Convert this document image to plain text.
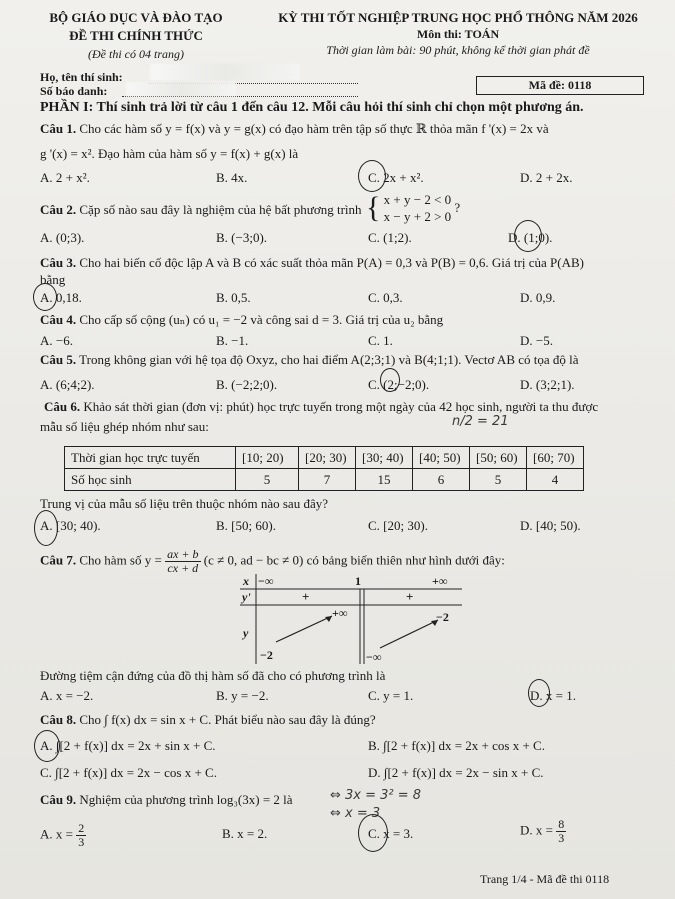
BỘ GIÁO DỤC VÀ ĐÀO TẠO
ĐỀ THI CHÍNH THỨC
(Đề thi có 04 trang)
KỲ THI TỐT NGHIỆP TRUNG HỌC PHỔ THÔNG NĂM 2026
Môn thi: TOÁN
Thời gian làm bài: 90 phút, không kể thời gian phát đề
Họ, tên thí sinh:
Số báo danh:	Mã đề: 0118
PHẦN I: Thí sinh trả lời từ câu 1 đến câu 12. Mỗi câu hỏi thí sinh chỉ chọn một phương án.
Câu 1. Cho các hàm số y = f(x) và y = g(x) có đạo hàm trên tập số thực ℝ thỏa mãn f '(x) = 2x và
g '(x) = x². Đạo hàm của hàm số y = f(x) + g(x) là
A. 2 + x².	B. 4x.	C. 2x + x².	D. 2 + 2x.
Câu 2. Cặp số nào sau đây là nghiệm của hệ bất phương trình { x + y − 2 < 0
x − y + 2 > 0
?
A. (0;3).	B. (−3;0).	C. (1;2).	D. (1;0).
Câu 3. Cho hai biến cố độc lập A và B có xác suất thỏa mãn P(A) = 0,3 và P(B) = 0,6. Giá trị của P(AB)
bằng
A. 0,18.	B. 0,5.	C. 0,3.	D. 0,9.
Câu 4. Cho cấp số cộng (uₙ) có u₁ = −2 và công sai d = 3. Giá trị của u₂ bằng
A. −6.	B. −1.	C. 1.	D. −5.
Câu 5. Trong không gian với hệ tọa độ Oxyz, cho hai điểm A(2;3;1) và B(4;1;1). Vectơ AB có tọa độ là
A. (6;4;2).	B. (−2;2;0).	C. (2;−2;0).	D. (3;2;1).
Câu 6. Khảo sát thời gian (đơn vị: phút) học trực tuyến trong một ngày của 42 học sinh, người ta thu được
mẫu số liệu ghép nhóm như sau:	n/2 = 21
Thời gian học trực tuyến	[10; 20)	[20; 30)	[30; 40)	[40; 50)	[50; 60)	[60; 70)
Số học sinh	5	7	15	6	5	4
Trung vị của mẫu số liệu trên thuộc nhóm nào sau đây?
A. [30; 40).	B. [50; 60).	C. [20; 30).	D. [40; 50).
Câu 7. Cho hàm số $y = \frac{ax + b}{cx + d} (c \ne 0$, ad − bc ≠ 0) có bảng biến thiên như hình dưới đây:
x −∞	1	+∞
y'	+	+
y
+∞	−2
−2	−∞
Đường tiệm cận đứng của đồ thị hàm số đã cho có phương trình là
A. x = −2.	B. y = −2.	C. y = 1.	D. x = 1.
Câu 8. Cho ∫ f(x) dx = sin x + C. Phát biểu nào sau đây là đúng?
A. ∫[2 + f(x)] dx = 2x + sin x + C.	B. ∫[2 + f(x)] dx = 2x + cos x + C.
C. ∫[2 + f(x)] dx = 2x − cos x + C.	D. ∫[2 + f(x)] dx = 2x − sin x + C.
Câu 9. Nghiệm của phương trình log₃(3x) = 2 là	⇔ 3x = 3² = 8
⇔ x = 3
A. $x = \frac{2}{3}$	B. x = 2.	C. x = 3.	D. $x = \frac{8}{3}$
Trang 1/4 - Mã đề thi 0118
